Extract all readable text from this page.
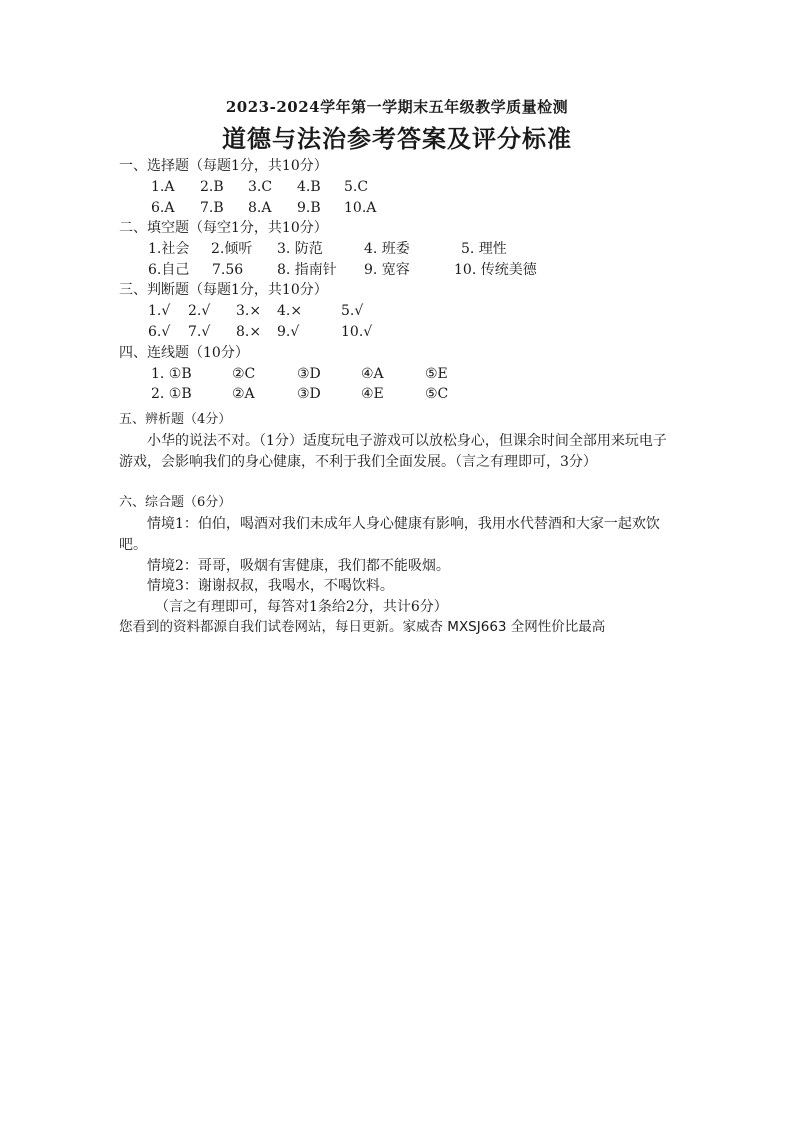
2023-2024学年第一学期末五年级教学质量检测
道德与法治参考答案及评分标准
一、选择题（每题1分，共10分）
1.A 2.B 3.C 4.B 5.C
6.A 7.B 8.A 9.B 10.A
二、填空题（每空1分，共10分）
1.社会 2.倾听 3. 防范	4. 班委	5. 理性
6.自己 7.56 8. 指南针 9. 宽容	10. 传统美德
三、判断题（每题1分，共10分）
1.√ 2.√ 3.× 4.×	5.√
6.√ 7.√ 8.× 9.√	10.√
四、连线题（10分）
1. ①B	②C	③D	④A	⑤E
2. ①B	②A	③D	④E	⑤C
五、辨析题（4分）
小华的说法不对。（1分）适度玩电子游戏可以放松身心，但课余时间全部用来玩电子游戏，会影响我们的身心健康，不利于我们全面发展。（言之有理即可，3分）
六、综合题（6分）
情境1：伯伯，喝酒对我们未成年人身心健康有影响，我用水代替酒和大家一起欢饮吧。
情境2：哥哥，吸烟有害健康，我们都不能吸烟。
情境3：谢谢叔叔，我喝水，不喝饮料。
（言之有理即可，每答对1条给2分，共计6分）
您看到的资料都源自我们试卷网站，每日更新。家威杏 MXSJ663 全网性价比最高
